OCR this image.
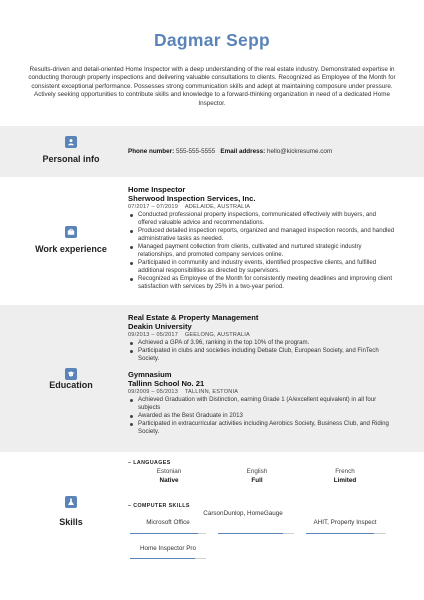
Dagmar Sepp
Results-driven and detail-oriented Home Inspector with a deep understanding of the real estate industry. Demonstrated expertise in conducting thorough property inspections and delivering valuable consultations to clients. Recognized as Employee of the Month for consistent exceptional performance. Possesses strong communication skills and adept at maintaining composure under pressure. Actively seeking opportunities to contribute skills and knowledge to a forward-thinking organization in need of a dedicated Home Inspector.
Personal info
Phone number: 555-555-5555 Email address: hello@kickresume.com
Work experience
Home Inspector
Sherwood Inspection Services, Inc.
07/2017 – 07/2019 ADELAIDE, AUSTRALIA
Conducted professional property inspections, communicated effectively with buyers, and offered valuable advice and recommendations.
Produced detailed inspection reports, organized and managed inspection records, and handled administrative tasks as needed.
Managed payment collection from clients, cultivated and nurtured strategic industry relationships, and promoted company services online.
Participated in community and industry events, identified prospective clients, and fulfilled additional responsibilities as directed by supervisors.
Recognized as Employee of the Month for consistently meeting deadlines and improving client satisfaction with services by 25% in a two-year period.
Education
Real Estate & Property Management
Deakin University
09/2013 – 05/2017 GEELONG, AUSTRALIA
Achieved a GPA of 3.96, ranking in the top 10% of the program.
Participated in clubs and societies including Debate Club, European Society, and FinTech Society.
Gymnasium
Tallinn School No. 21
09/2009 – 05/2013 TALLINN, ESTONIA
Achieved Graduation with Distinction, earning Grade 1 (A/excellent equivalent) in all four subjects
Awarded as the Best Graduate in 2013
Participated in extracurricular activities including Aerobics Society, Business Club, and Riding Society.
Skills
– LANGUAGES
Estonian
Native
English
Full
French
Limited
– COMPUTER SKILLS
Microsoft Office
CarsonDunlop, HomeGauge
AHIT, Property Inspect
Home Inspector Pro
